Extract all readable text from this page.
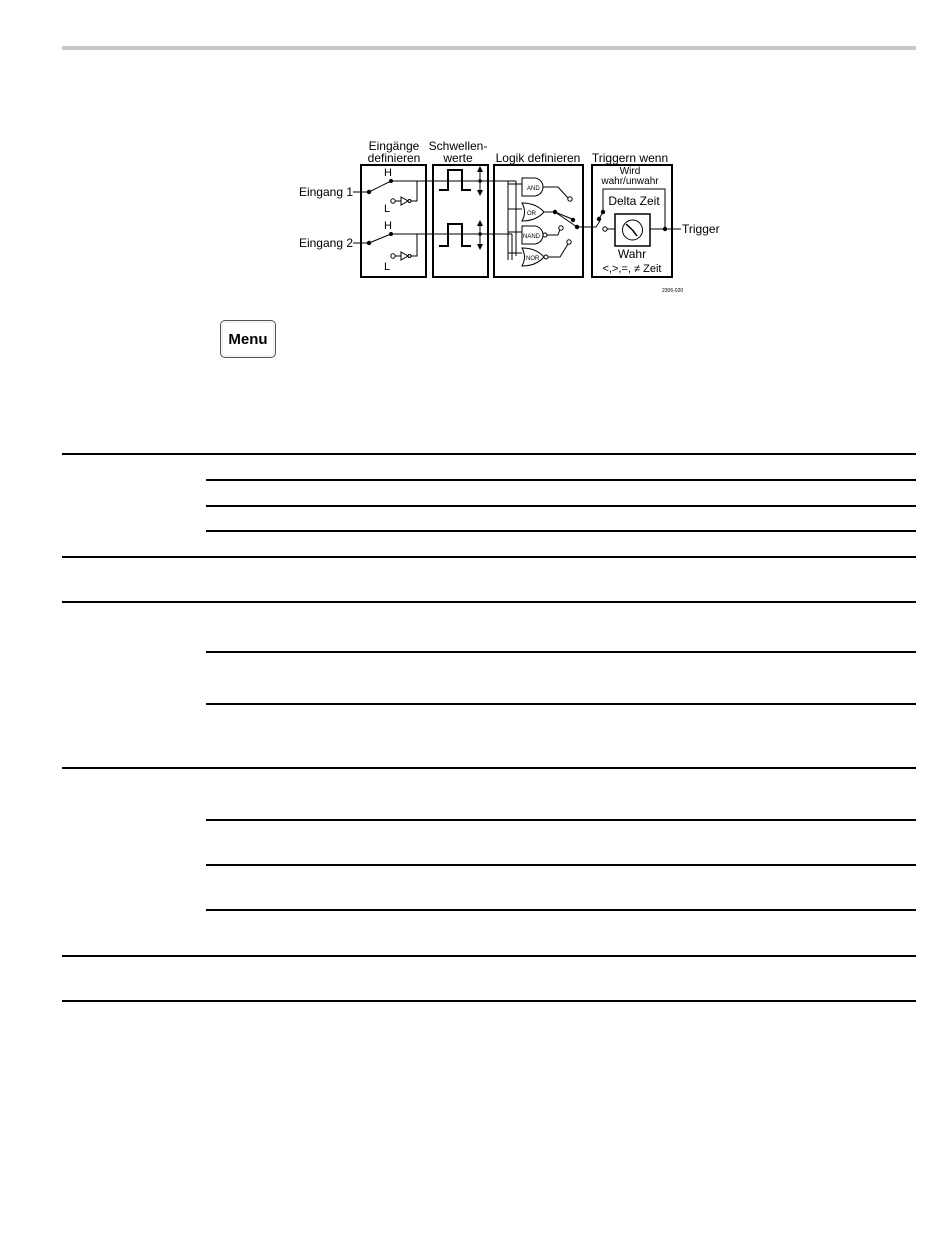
Eingänge
definieren
Schwellen-
werte Logik definieren Triggern wenn
Eingang 1
Eingang 2
H
L
H
L
AND
OR
NAND
NOR
Wird
wahr/unwahr
Delta Zeit
Wahr
<,>,=, ≠ Zeit
Trigger
2306-020
Menu
